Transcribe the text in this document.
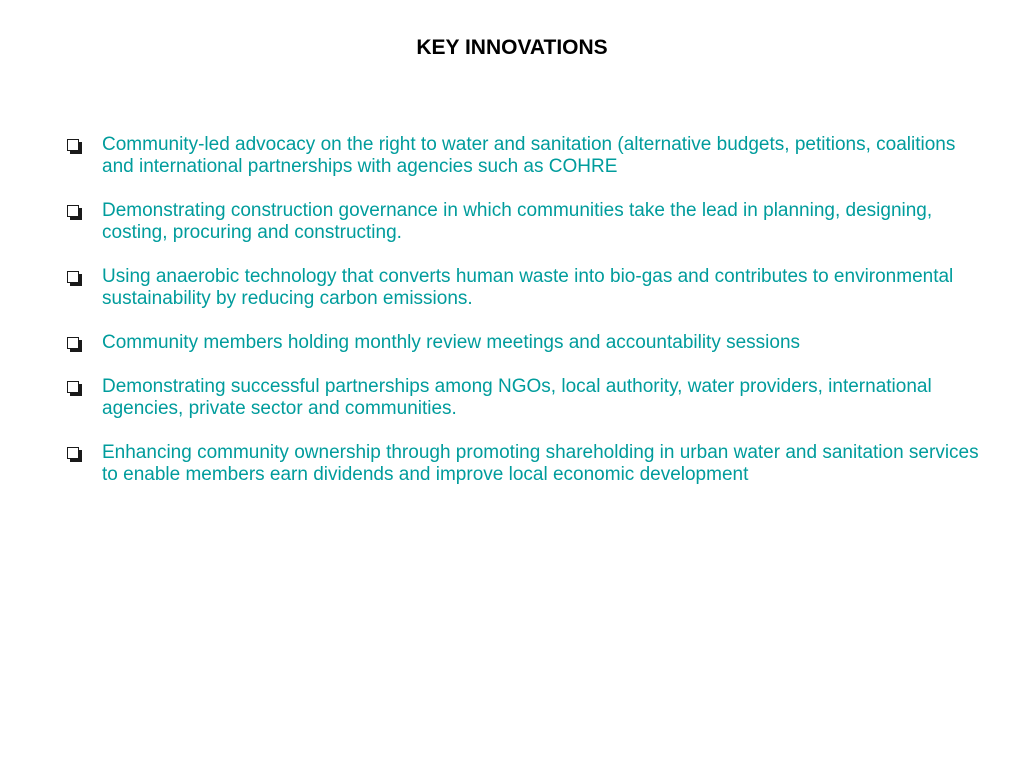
KEY INNOVATIONS
Community-led advocacy on the right to water and sanitation (alternative budgets, petitions, coalitions and international partnerships with agencies such as COHRE
Demonstrating construction governance in which communities take the lead in planning, designing, costing, procuring and constructing.
Using anaerobic technology that converts human waste into bio-gas and contributes to environmental sustainability by reducing carbon emissions.
Community members holding monthly review meetings and accountability sessions
Demonstrating successful partnerships among NGOs, local authority, water providers, international agencies, private sector and communities.
Enhancing community ownership through promoting shareholding in urban water and sanitation services to enable members earn dividends and improve local economic development
